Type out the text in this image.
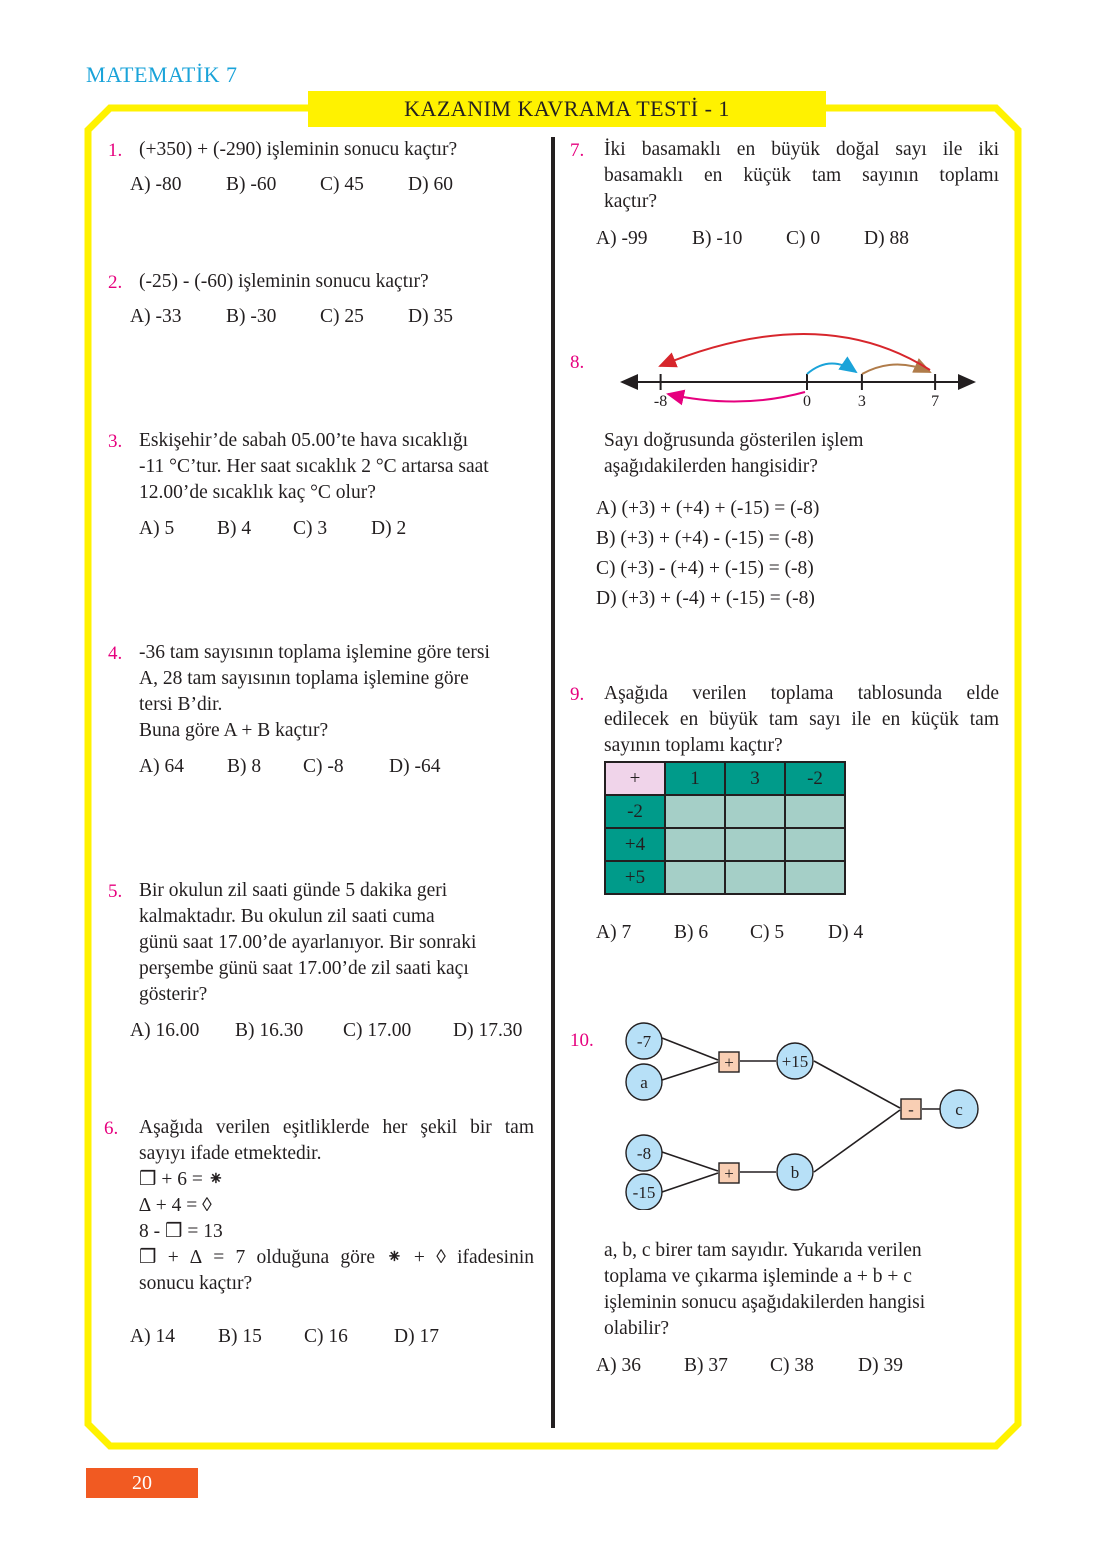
MATEMATİK 7
KAZANIM KAVRAMA TESTİ - 1
1. (+350) + (-290) işleminin sonucu kaçtır?
A) -80 B) -60 C) 45 D) 60
2. (-25) - (-60) işleminin sonucu kaçtır?
A) -33 B) -30 C) 25 D) 35
3. Eskişehir’de sabah 05.00’te hava sıcaklığı
-11 °C’tur. Her saat sıcaklık 2 °C artarsa saat
12.00’de sıcaklık kaç °C olur?
A) 5 B) 4 C) 3 D) 2
4. -36 tam sayısının toplama işlemine göre tersi
A, 28 tam sayısının toplama işlemine göre
tersi B’dir.
Buna göre A + B kaçtır?
A) 64 B) 8 C) -8 D) -64
5. Bir okulun zil saati günde 5 dakika geri
kalmaktadır. Bu okulun zil saati cuma
günü saat 17.00’de ayarlanıyor. Bir sonraki
perşembe günü saat 17.00’de zil saati kaçı
gösterir?
A) 16.00 B) 16.30 C) 17.00 D) 17.30
6. Aşağıda verilen eşitliklerde her şekil bir tam
sayıyı ifade etmektedir.
❒ + 6 = ⁕
∆ + 4 = ◊
8 - ❒ = 13
❒ + ∆ = 7 olduğuna göre ⁕ + ◊ ifadesinin
sonucu kaçtır?
A) 14 B) 15 C) 16 D) 17
7. İki basamaklı en büyük doğal sayı ile iki
basamaklı en küçük tam sayının toplamı
kaçtır?
A) -99 B) -10 C) 0 D) 88
8.
-8	0	3	7
Sayı doğrusunda gösterilen işlem
aşağıdakilerden hangisidir?
A) (+3) + (+4) + (-15) = (-8)
B) (+3) + (+4) - (-15) = (-8)
C) (+3) - (+4) + (-15) = (-8)
D) (+3) + (-4) + (-15) = (-8)
9. Aşağıda verilen toplama tablosunda elde
edilecek en büyük tam sayı ile en küçük tam
sayının toplamı kaçtır?
+	1	3	-2
-2			
+4			
+5			
A) 7 B) 6 C) 5 D) 4
10.	-7
a
+	+15
-8
-15
+	b
- c
a, b, c birer tam sayıdır. Yukarıda verilen
toplama ve çıkarma işleminde a + b + c
işleminin sonucu aşağıdakilerden hangisi
olabilir?
A) 36 B) 37 C) 38 D) 39
20
